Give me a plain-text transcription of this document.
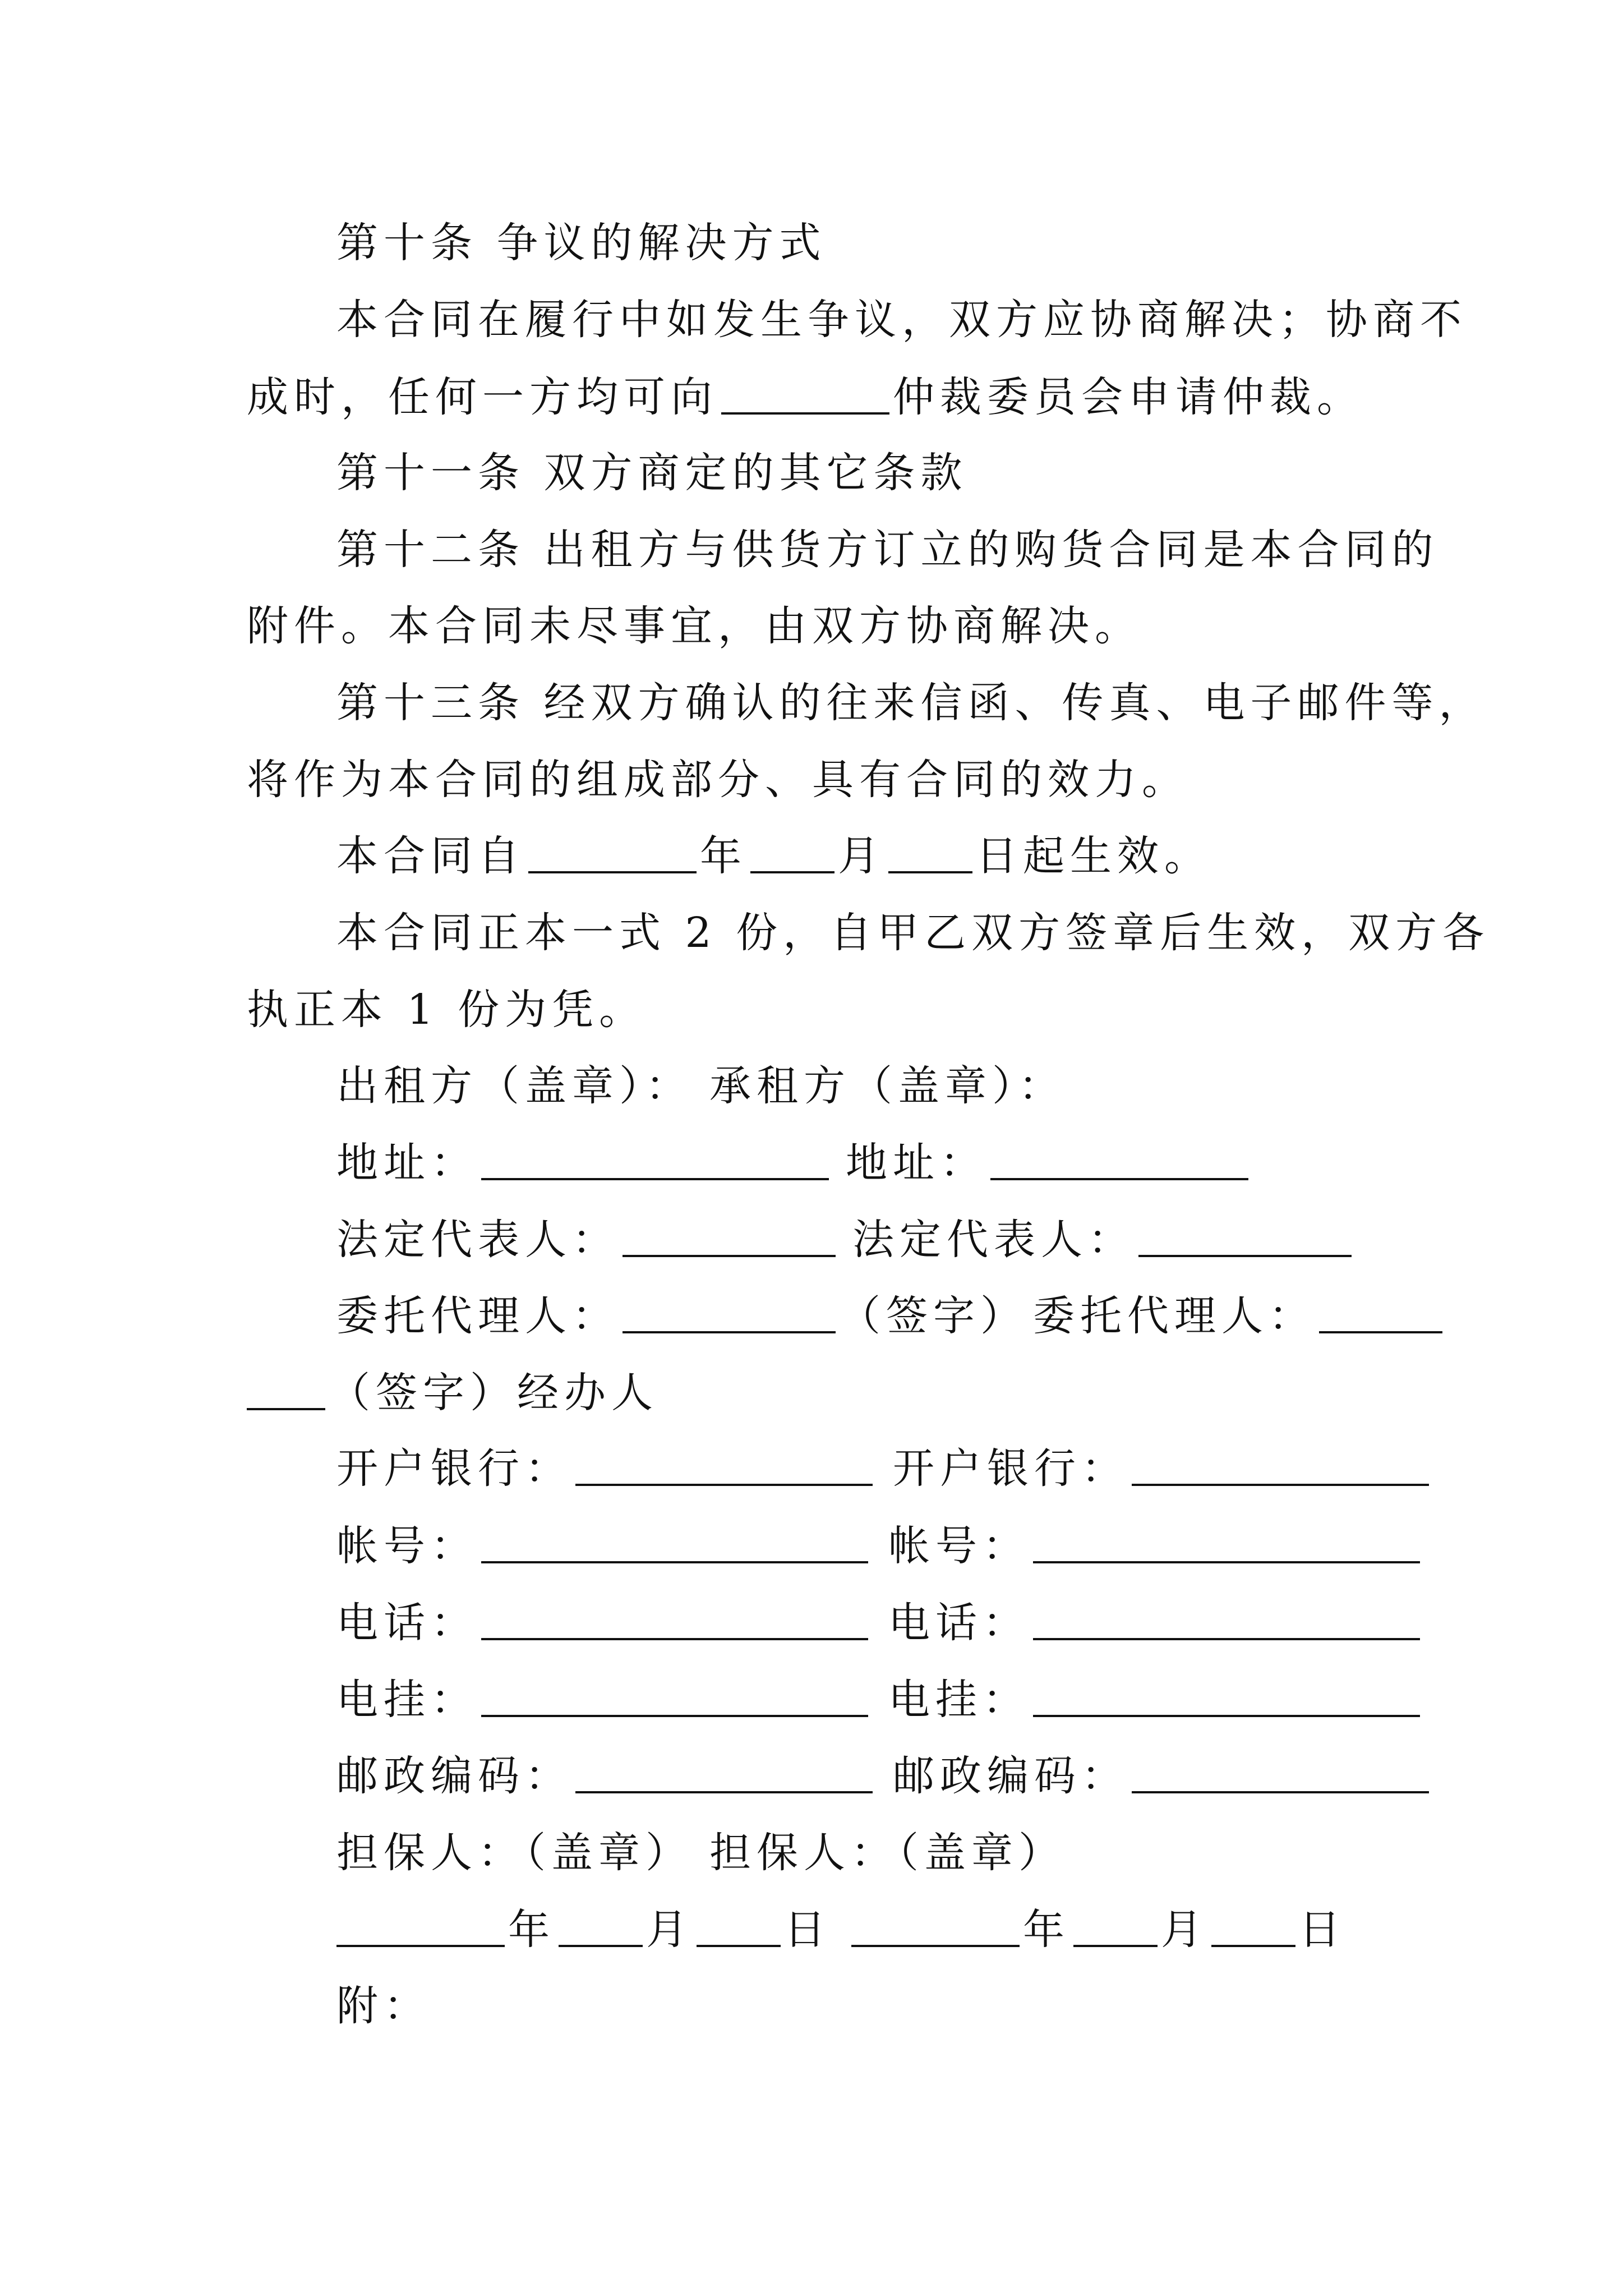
第十条 争议的解决方式
本合同在履行中如发生争议，双方应协商解决；协商不
成时，任何一方均可向	仲裁委员会申请仲裁。
第十一条 双方商定的其它条款
第十二条 出租方与供货方订立的购货合同是本合同的
附件。本合同未尽事宜，由双方协商解决。
第十三条 经双方确认的往来信函、传真、电子邮件等，
将作为本合同的组成部分、具有合同的效力。
本合同自	年 月 日起生效。
本合同正本一式 2 份，自甲乙双方签章后生效，双方各
执正本 1 份为凭。
出租方（盖章）： 承租方（盖章）：
地址：	地址：
法定代表人：	法定代表人：
委托代理人：	（签字） 委托代理人：
（签字）经办人
开户银行：	开户银行：
帐号：	帐号：
电话：	电话：
电挂：	电挂：
邮政编码：	邮政编码：
担保人：（盖章） 担保人：（盖章）
年 月 日	年 月 日
附：
